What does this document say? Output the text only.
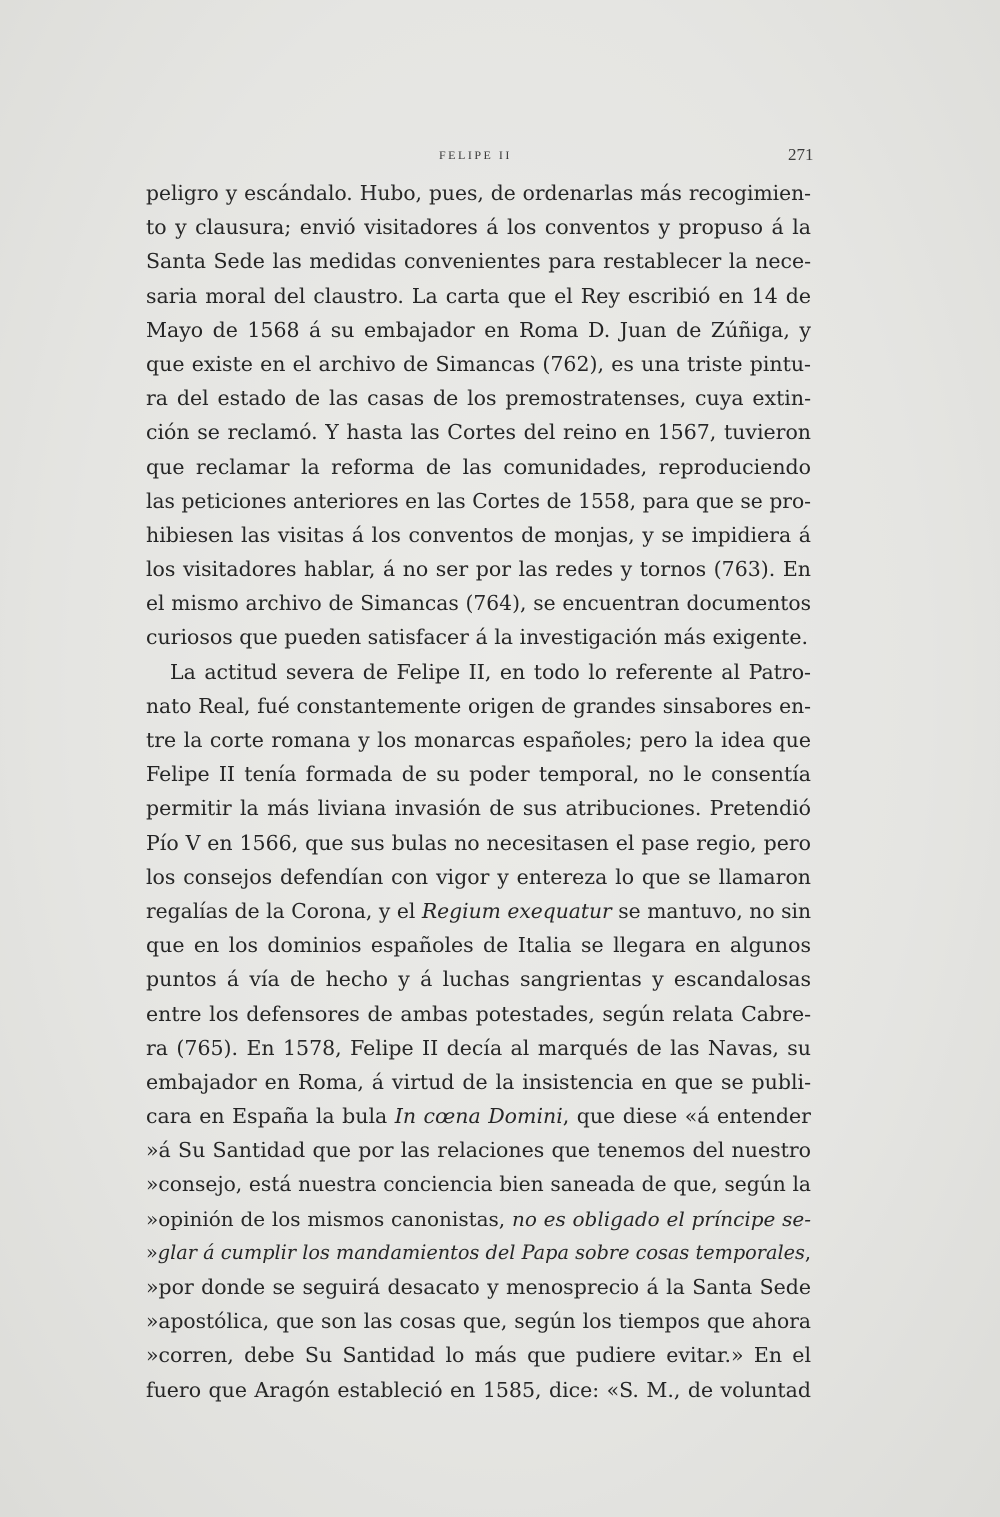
FELIPE II	271
peligro y escándalo. Hubo, pues, de ordenarlas más recogimien-
to y clausura; envió visitadores á los conventos y propuso á la
Santa Sede las medidas convenientes para restablecer la nece-
saria moral del claustro. La carta que el Rey escribió en 14 de
Mayo de 1568 á su embajador en Roma D. Juan de Zúñiga, y
que existe en el archivo de Simancas (762), es una triste pintu-
ra del estado de las casas de los premostratenses, cuya extin-
ción se reclamó. Y hasta las Cortes del reino en 1567, tuvieron
que reclamar la reforma de las comunidades, reproduciendo
las peticiones anteriores en las Cortes de 1558, para que se pro-
hibiesen las visitas á los conventos de monjas, y se impidiera á
los visitadores hablar, á no ser por las redes y tornos (763). En
el mismo archivo de Simancas (764), se encuentran documentos
curiosos que pueden satisfacer á la investigación más exigente.
La actitud severa de Felipe II, en todo lo referente al Patro-
nato Real, fué constantemente origen de grandes sinsabores en-
tre la corte romana y los monarcas españoles; pero la idea que
Felipe II tenía formada de su poder temporal, no le consentía
permitir la más liviana invasión de sus atribuciones. Pretendió
Pío V en 1566, que sus bulas no necesitasen el pase regio, pero
los consejos defendían con vigor y entereza lo que se llamaron
regalías de la Corona, y el Regium exequatur se mantuvo, no sin
que en los dominios españoles de Italia se llegara en algunos
puntos á vía de hecho y á luchas sangrientas y escandalosas
entre los defensores de ambas potestades, según relata Cabre-
ra (765). En 1578, Felipe II decía al marqués de las Navas, su
embajador en Roma, á virtud de la insistencia en que se publi-
cara en España la bula In cœna Domini, que diese «á entender
»á Su Santidad que por las relaciones que tenemos del nuestro
»consejo, está nuestra conciencia bien saneada de que, según la
»opinión de los mismos canonistas, no es obligado el príncipe se-
»glar á cumplir los mandamientos del Papa sobre cosas temporales,
»por donde se seguirá desacato y menosprecio á la Santa Sede
»apostólica, que son las cosas que, según los tiempos que ahora
»corren, debe Su Santidad lo más que pudiere evitar.» En el
fuero que Aragón estableció en 1585, dice: «S. M., de voluntad
